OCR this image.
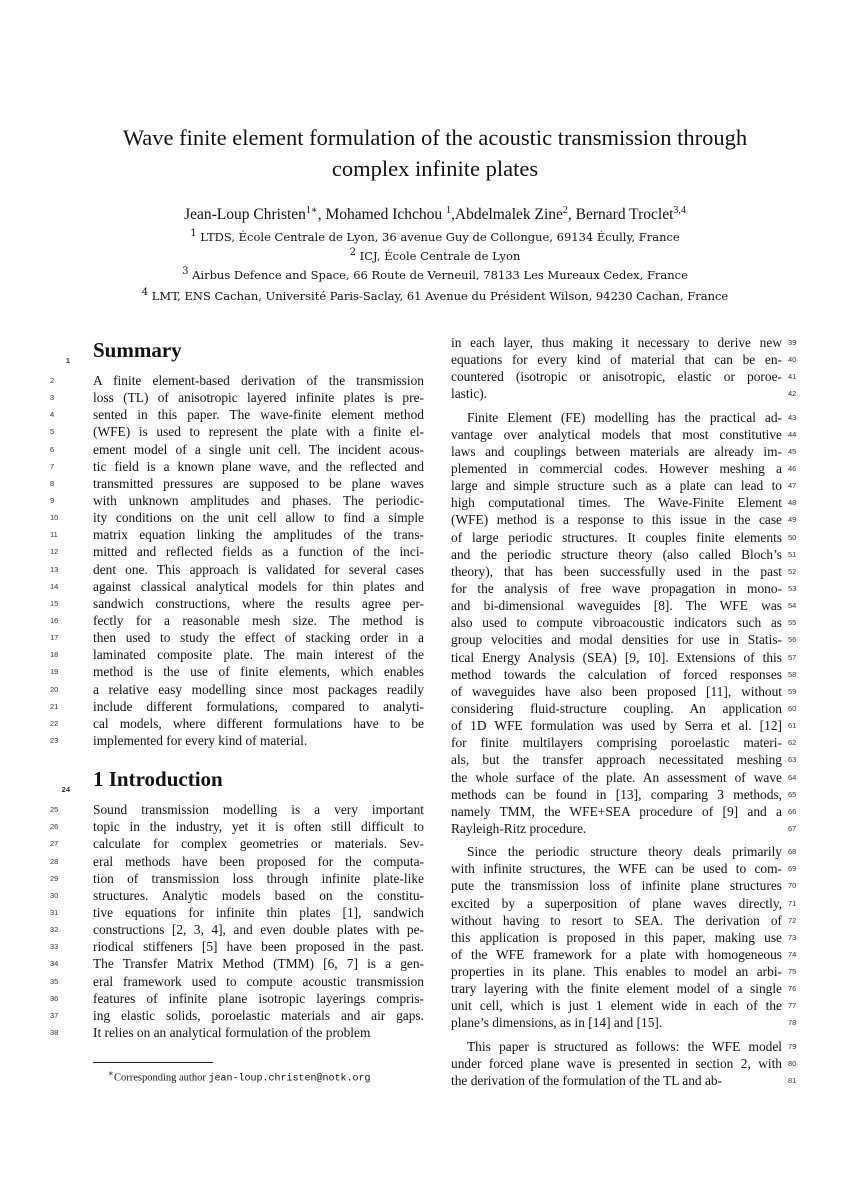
Wave finite element formulation of the acoustic transmission through
complex infinite plates
Jean-Loup Christen$^{1∗}$, Mohamed Ichchou $^1$,Abdelmalek Zine$^2$, Bernard Troclet$^{3,4}$
$^1$ LTDS, École Centrale de Lyon, 36 avenue Guy de Collongue, 69134 Écully, France
$^2$ ICJ, École Centrale de Lyon
$^3$ Airbus Defence and Space, 66 Route de Verneuil, 78133 Les Mureaux Cedex, France
$^4$ LMT, ENS Cachan, Université Paris-Saclay, 61 Avenue du Président Wilson, 94230 Cachan, France
1 Summary
2	A finite element-based derivation of the transmission
3	loss (TL) of anisotropic layered infinite plates is pre-
4	sented in this paper. The wave-finite element method
5	(WFE) is used to represent the plate with a finite el-
6	ement model of a single unit cell. The incident acous-
7	tic field is a known plane wave, and the reflected and
8	transmitted pressures are supposed to be plane waves
9	with unknown amplitudes and phases. The periodic-
10	ity conditions on the unit cell allow to find a simple
11	matrix equation linking the amplitudes of the trans-
12	mitted and reflected fields as a function of the inci-
13	dent one. This approach is validated for several cases
14	against classical analytical models for thin plates and
15	sandwich constructions, where the results agree per-
16	fectly for a reasonable mesh size. The method is
17	then used to study the effect of stacking order in a
18	laminated composite plate. The main interest of the
19	method is the use of finite elements, which enables
20	a relative easy modelling since most packages readily
21	include different formulations, compared to analyti-
22	cal models, where different formulations have to be
23	implemented for every kind of material.
24 1 Introduction
25	Sound transmission modelling is a very important
26	topic in the industry, yet it is often still difficult to
27	calculate for complex geometries or materials. Sev-
28	eral methods have been proposed for the computa-
29	tion of transmission loss through infinite plate-like
30	structures. Analytic models based on the constitu-
31	tive equations for infinite thin plates [1], sandwich
32	constructions [2, 3, 4], and even double plates with pe-
33	riodical stiffeners [5] have been proposed in the past.
34	The Transfer Matrix Method (TMM) [6, 7] is a gen-
35	eral framework used to compute acoustic transmission
36	features of infinite plane isotropic layerings compris-
37	ing elastic solids, poroelastic materials and air gaps.
38	It relies on an analytical formulation of the problem
39
in each layer, thus making it necessary to derive new
40
equations for every kind of material that can be en-
41
countered (isotropic or anisotropic, elastic or poroe-
42
lastic).
43
Finite Element (FE) modelling has the practical ad-
44
vantage over analytical models that most constitutive
45
laws and couplings between materials are already im-
46
plemented in commercial codes. However meshing a
47
large and simple structure such as a plate can lead to
48
high computational times. The Wave-Finite Element
49
(WFE) method is a response to this issue in the case
50
of large periodic structures. It couples finite elements
51
and the periodic structure theory (also called Bloch’s
52
theory), that has been successfully used in the past
53
for the analysis of free wave propagation in mono-
54
and bi-dimensional waveguides [8]. The WFE was
55
also used to compute vibroacoustic indicators such as
56
group velocities and modal densities for use in Statis-
57
tical Energy Analysis (SEA) [9, 10]. Extensions of this
58
method towards the calculation of forced responses
59
of waveguides have also been proposed [11], without
60
considering fluid-structure coupling. An application
61
of 1D WFE formulation was used by Serra et al. [12]
62
for finite multilayers comprising poroelastic materi-
63
als, but the transfer approach necessitated meshing
64
the whole surface of the plate. An assessment of wave
65
methods can be found in [13], comparing 3 methods,
66
namely TMM, the WFE+SEA procedure of [9] and a
67
Rayleigh-Ritz procedure.
68
Since the periodic structure theory deals primarily
69
with infinite structures, the WFE can be used to com-
70
pute the transmission loss of infinite plane structures
71
excited by a superposition of plane waves directly,
72
without having to resort to SEA. The derivation of
73
this application is proposed in this paper, making use
74
of the WFE framework for a plate with homogeneous
75
properties in its plane. This enables to model an arbi-
76
trary layering with the finite element model of a single
77
unit cell, which is just 1 element wide in each of the
78
plane’s dimensions, as in [14] and [15].
79
This paper is structured as follows: the WFE model
80
under forced plane wave is presented in section 2, with
81
the derivation of the formulation of the TL and ab-
∗Corresponding author jean-loup.christen@notk.org
